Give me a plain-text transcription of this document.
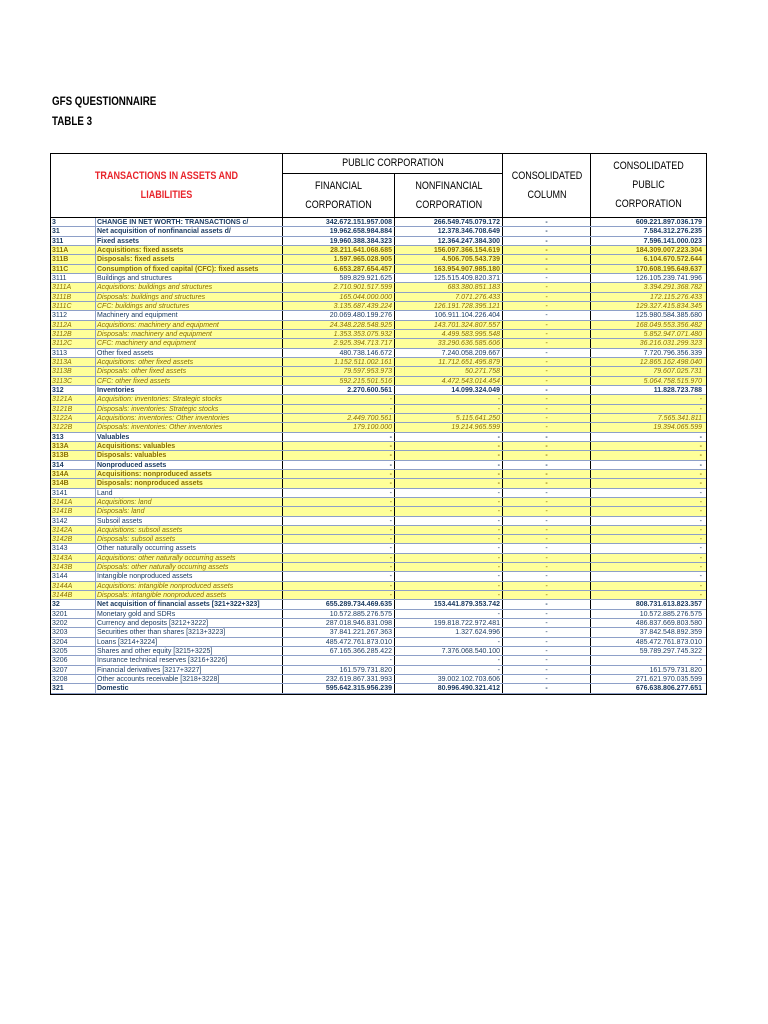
GFS QUESTIONNAIRE
TABLE 3
TRANSACTIONS IN ASSETS AND LIABILITIES
PUBLIC CORPORATION
FINANCIAL CORPORATION
NONFINANCIAL
CORPORATION
CONSOLIDATED
COLUMN
CONSOLIDATED PUBLIC
CORPORATION
3	CHANGE IN NET WORTH: TRANSACTIONS c/	342.672.151.957.008	266.549.745.079.172	-	609.221.897.036.179
31	Net acquisition of nonfinancial assets d/	19.962.658.984.884	12.378.346.708.649	-	7.584.312.276.235
311	Fixed assets	19.960.388.384.323	12.364.247.384.300	-	7.596.141.000.023
311A	Acquisitions: fixed assets	28.211.641.068.685	156.097.366.154.619	-	184.309.007.223.304
311B	Disposals: fixed assets	1.597.965.028.905	4.506.705.543.739	-	6.104.670.572.644
311C	Consumption of fixed capital (CFC): fixed assets	6.653.287.654.457	163.954.907.985.180	-	170.608.195.649.637
3111	Buildings and structures	589.829.921.625	125.515.409.820.371	-	126.105.239.741.996
3111A	Acquisitions: buildings and structures	2.710.901.517.599	683.380.851.183	-	3.394.291.368.782
3111B	Disposals: buildings and structures	165.044.000.000	7.071.276.433	-	172.115.276.433
3111C	CFC: buildings and structures	3.135.687.439.224	126.191.728.395.121	-	129.327.415.834.345
3112	Machinery and equipment	20.069.480.199.276	106.911.104.226.404	-	125.980.584.385.680
3112A	Acquisitions: machinery and equipment	24.348.228.548.925	143.701.324.807.557	-	168.049.553.356.482
3112B	Disposals: machinery and equipment	1.353.353.075.932	4.499.583.995.548	-	5.852.947.071.480
3112C	CFC: machinery and equipment	2.925.394.713.717	33.290.636.585.606	-	36.216.031.299.323
3113	Other fixed assets	480.738.146.672	7.240.058.209.667	-	7.720.796.356.339
3113A	Acquisitions: other fixed assets	1.152.511.002.161	11.712.651.495.879	-	12.865.162.498.040
3113B	Disposals: other fixed assets	79.597.953.973	50.271.758	-	79.607.025.731
3113C	CFC: other fixed assets	592.215.501.516	4.472.543.014.454	-	5.064.758.515.970
312	Inventories	2.270.600.561	14.099.324.049	-	11.828.723.788
3121A	Acquisition: inventories: Strategic stocks	-	-	-	-
3121B	Disposals: inventories: Strategic stocks	-	-	-	-
3122A	Acquisitions: inventories: Other inventories	2.449.700.561	5.115.641.250	-	7.565.341.811
3122B	Disposals: inventories: Other inventories	179.100.000	19.214.965.599	-	19.394.065.599
313	Valuables	-	-	-	-
313A	Acquisitions: valuables	-	-	-	-
313B	Disposals: valuables	-	-	-	-
314	Nonproduced assets	-	-	-	-
314A	Acquisitions: nonproduced assets	-	-	-	-
314B	Disposals: nonproduced assets	-	-	-	-
3141	Land	-	-	-	-
3141A	Acquisitions: land	-	-	-	-
3141B	Disposals: land	-	-	-	-
3142	Subsoil assets	-	-	-	-
3142A	Acquisitions: subsoil assets	-	-	-	-
3142B	Disposals: subsoil assets	-	-	-	-
3143	Other naturally occurring assets	-	-	-	-
3143A	Acquisitions: other naturally occurring assets	-	-	-	-
3143B	Disposals: other naturally occurring assets	-	-	-	-
3144	Intangible nonproduced assets	-	-	-	-
3144A	Acquisitions: intangible nonproduced assets	-	-	-	-
3144B	Disposals: intangible nonproduced assets	-	-	-	-
32	Net acquisition of financial assets [321+322+323]	655.289.734.469.635	153.441.879.353.742	-	808.731.613.823.357
3201	Monetary gold and SDRs	10.572.885.276.575	-	-	10.572.885.276.575
3202	Currency and deposits [3212+3222]	287.018.946.831.098	199.818.722.972.481	-	486.837.669.803.580
3203	Securities other than shares [3213+3223]	37.841.221.267.363	1.327.624.996	-	37.842.548.892.359
3204	Loans [3214+3224]	485.472.761.873.010	-	-	485.472.761.873.010
3205	Shares and other equity [3215+3225]	67.165.366.285.422	7.376.068.540.100	-	59.789.297.745.322
3206	Insurance technical reserves [3216+3226]	-	-	-	-
3207	Financial derivatives [3217+3227]	161.579.731.820	-	-	161.579.731.820
3208	Other accounts receivable [3218+3228]	232.619.867.331.993	39.002.102.703.606	-	271.621.970.035.599
321	Domestic	595.642.315.956.239	80.996.490.321.412	-	676.638.806.277.651
